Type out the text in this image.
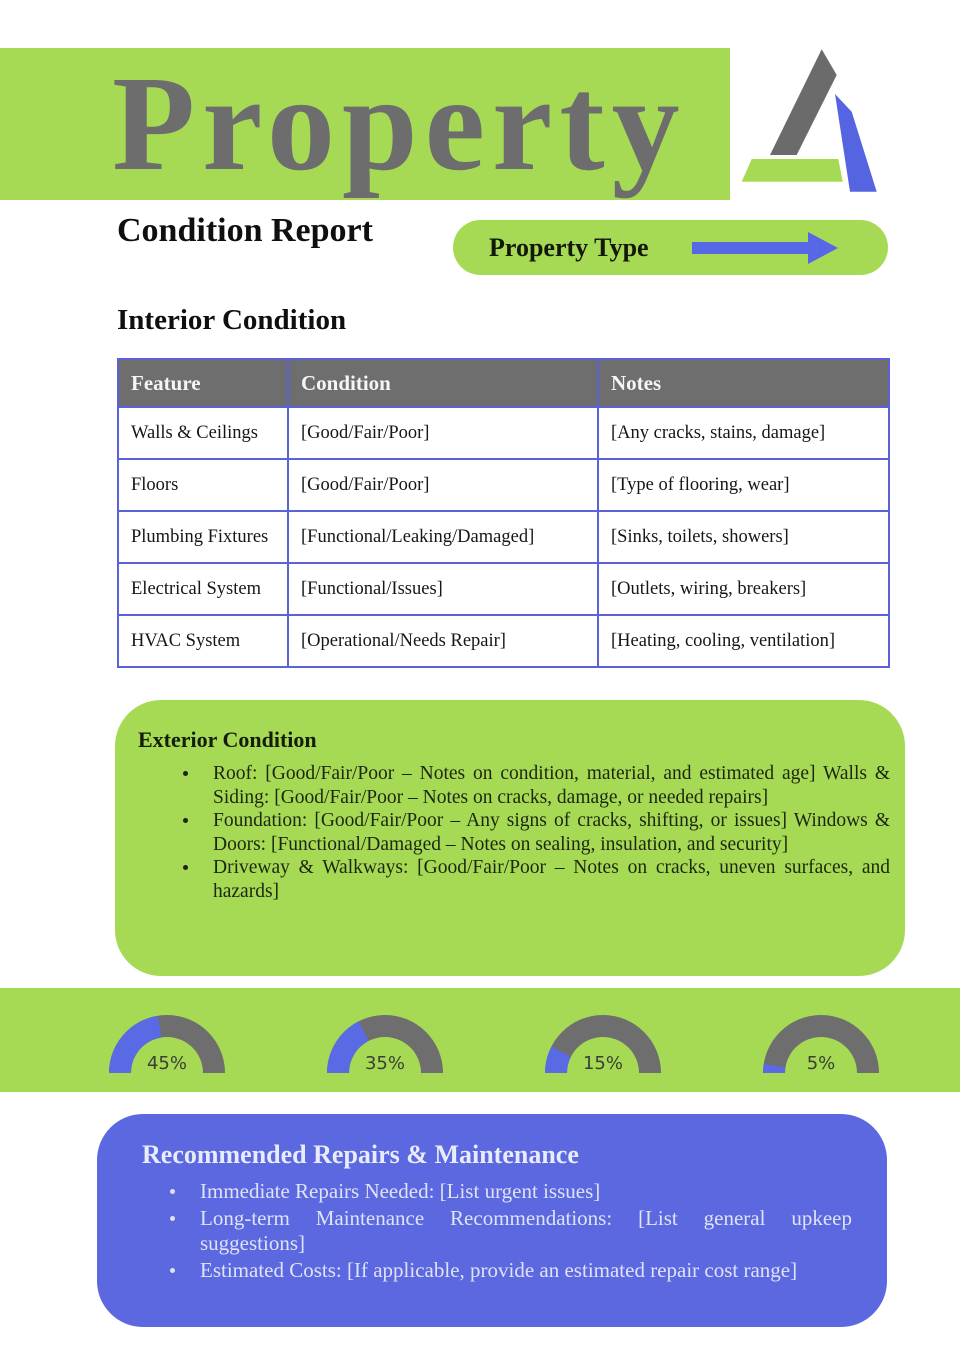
Property
Condition Report	Property Type
Interior Condition
Feature	Condition	Notes
Walls & Ceilings	[Good/Fair/Poor]	[Any cracks, stains, damage]
Floors	[Good/Fair/Poor]	[Type of flooring, wear]
Plumbing Fixtures	[Functional/Leaking/Damaged]	[Sinks, toilets, showers]
Electrical System	[Functional/Issues]	[Outlets, wiring, breakers]
HVAC System	[Operational/Needs Repair]	[Heating, cooling, ventilation]
Exterior Condition
Roof: [Good/Fair/Poor – Notes on condition, material, and estimated age] Walls & Siding: [Good/Fair/Poor – Notes on cracks, damage, or needed repairs]
Foundation: [Good/Fair/Poor – Any signs of cracks, shifting, or issues] Windows & Doors: [Functional/Damaged – Notes on sealing, insulation, and security]
Driveway & Walkways: [Good/Fair/Poor – Notes on cracks, uneven surfaces, and hazards]
45%	35%	15%	5%
Recommended Repairs & Maintenance
Immediate Repairs Needed: [List urgent issues]
Long-term Maintenance Recommendations: [List general upkeep suggestions]
Estimated Costs: [If applicable, provide an estimated repair cost range]
